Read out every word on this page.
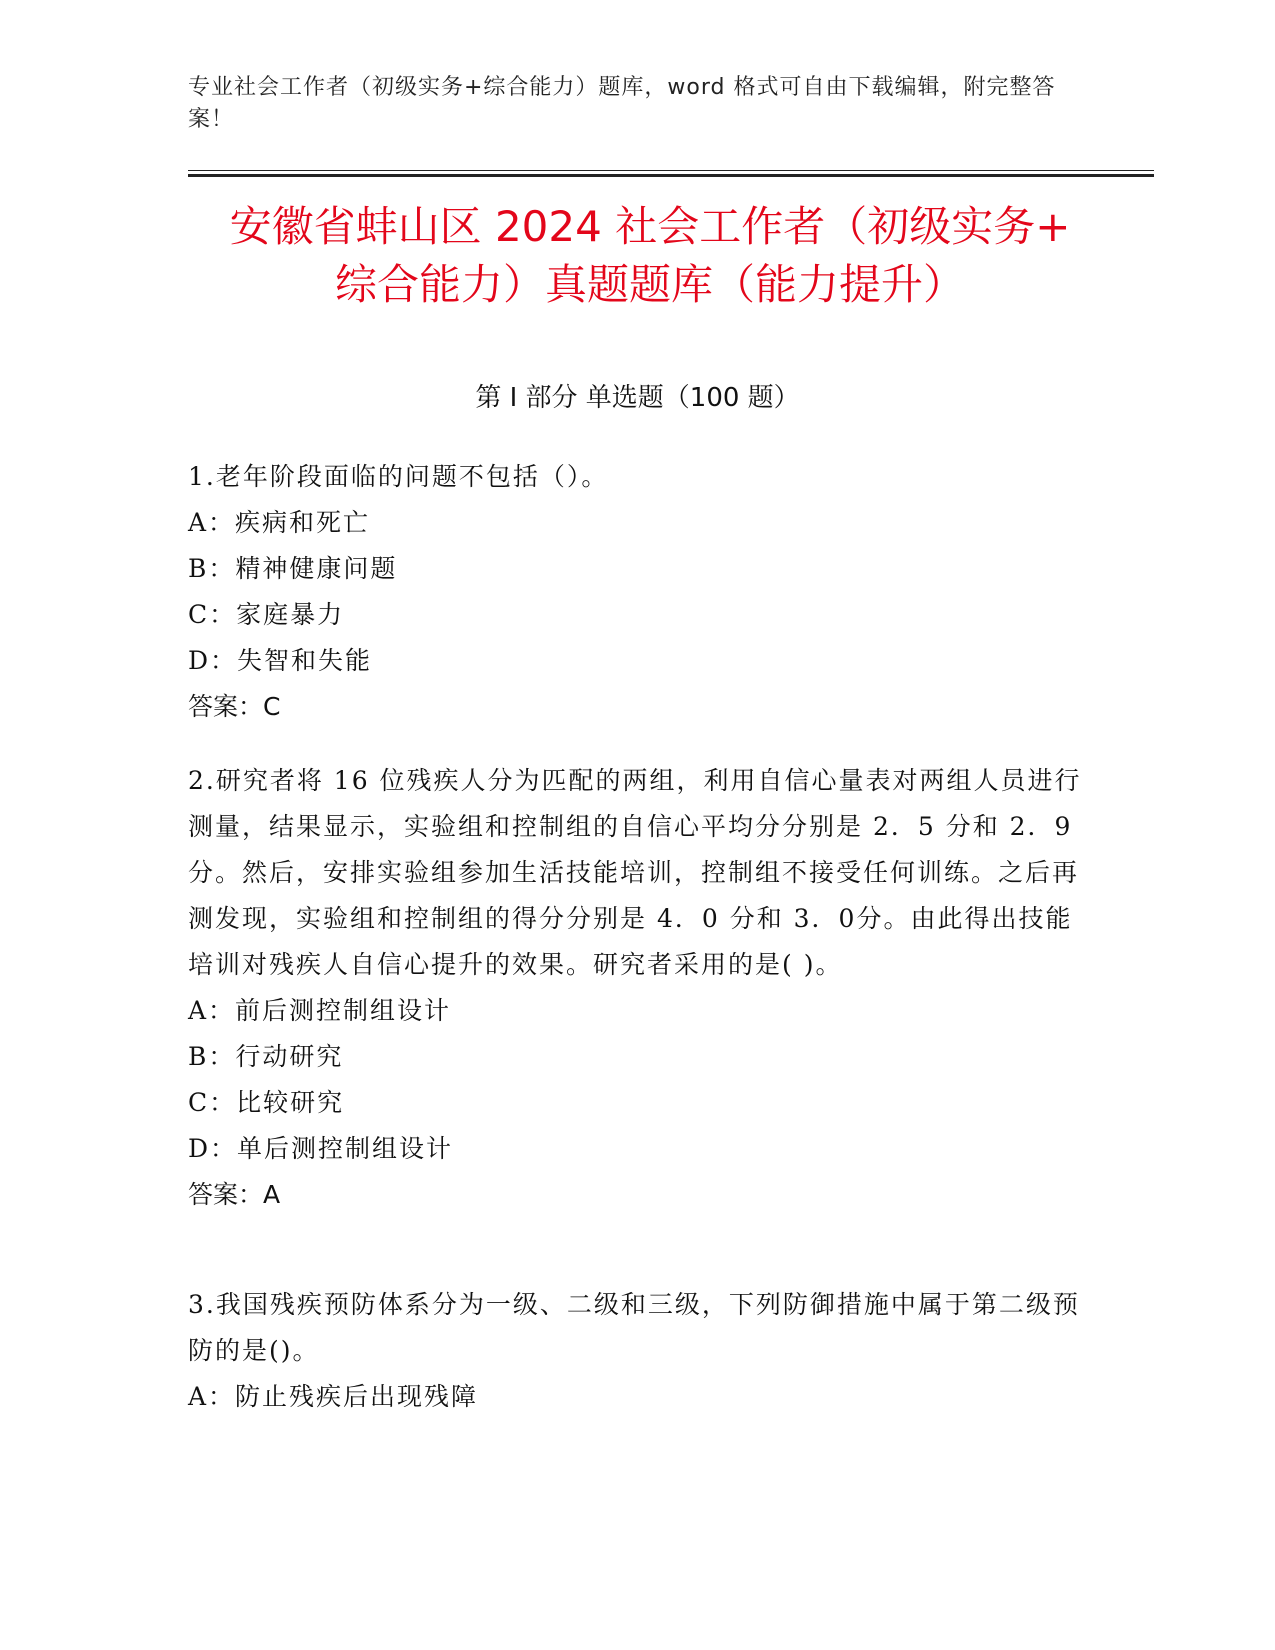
专业社会工作者（初级实务+综合能力）题库，word 格式可自由下载编辑，附完整答案！
安徽省蚌山区 2024 社会工作者（初级实务+
综合能力）真题题库（能力提升）
第 I 部分 单选题（100 题）

1.老年阶段面临的问题不包括（）。

A：疾病和死亡

B：精神健康问题

C：家庭暴力

D：失智和失能

答案：C

2.研究者将 16 位残疾人分为匹配的两组，利用自信心量表对两组人员进行测量，结果显示，实验组和控制组的自信心平均分分别是 2．5 分和 2．9 分。然后，安排实验组参加生活技能培训，控制组不接受任何训练。之后再测发现，实验组和控制组的得分分别是 4．0 分和 3．0分。由此得出技能培训对残疾人自信心提升的效果。研究者采用的是( )。

A：前后测控制组设计

B：行动研究

C：比较研究

D：单后测控制组设计

答案：A

3.我国残疾预防体系分为一级、二级和三级，下列防御措施中属于第二级预防的是()。

A：防止残疾后出现残障
